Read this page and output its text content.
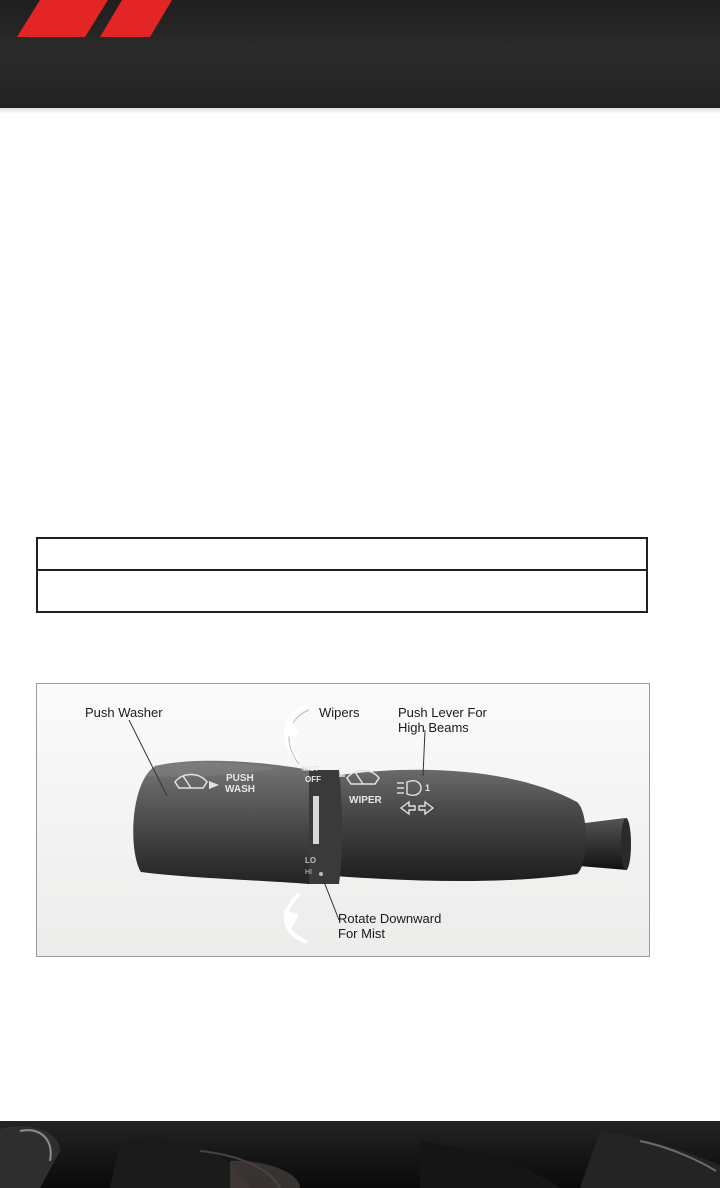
Push Washer	Wipers	Push Lever For
High Beams
Rotate Downward
For Mist
PUSH
WASH
MIST
OFF
WIPER
LO
HI
1
